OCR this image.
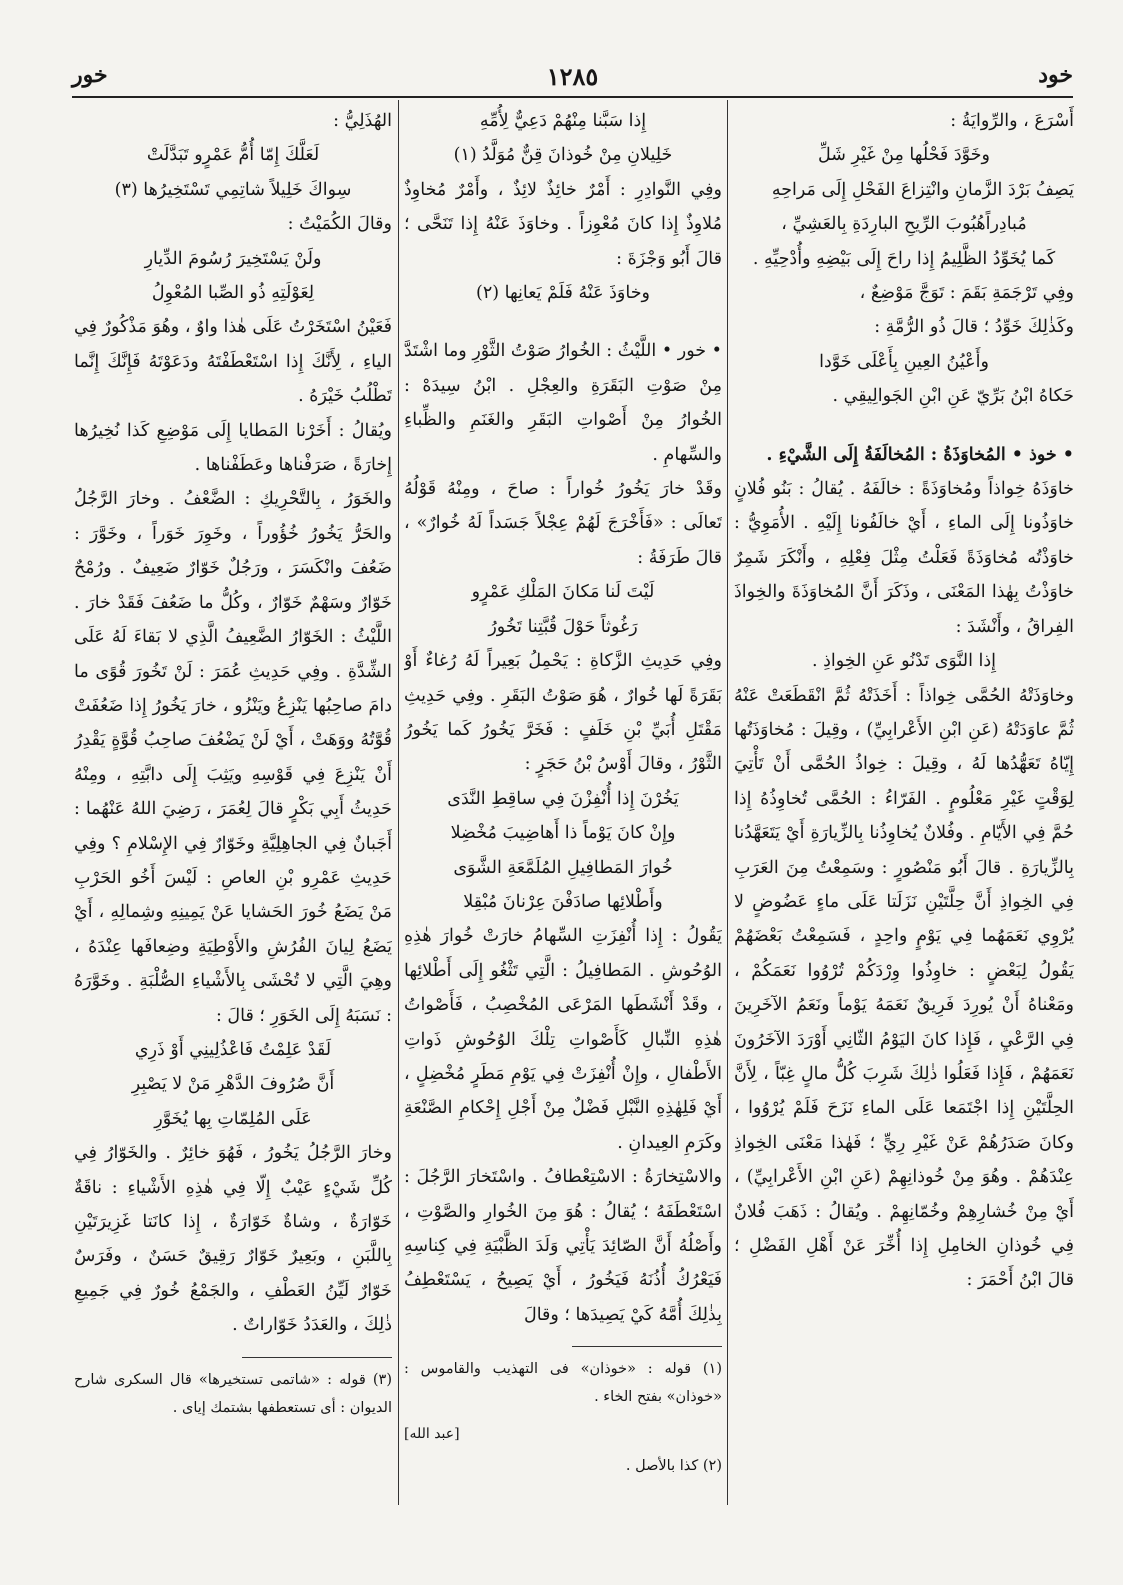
خود
١٢٨٥
خور

أَسْرَعَ ، والرِّوايَةُ :

وخَوَّدَ فَحْلُها مِنْ غَيْرِ شَلِّ

يَصِفُ بَرْدَ الزَّمانِ وانْتِزاعَ الفَحْلِ إِلَى مَراحِهِ

مُبادِراًهُبُوبَ الرِّيحِ البارِدَةِ بِالعَشِيِّ ،

كَما يُخَوِّدُ الظَّلِيمُ إِذا راحَ إِلَى بَيْضِهِ وأُدْحِيِّهِ .

وفِي تَرْجَمَةِ بَقَمَ : تَوَجَّ مَوْضِعٌ ،

وكَذٰلِكَ خَوِّدُ ؛ قالَ ذُو الرُّمَّةِ :

وأَعْيُنُ العِينِ بِأَعْلَى خَوَّدا

حَكاهُ ابْنُ بَرِّيّ عَنِ ابْنِ الجَوالِيقِي .

• خوذ • المُخاوَذَةُ : المُخالَفَةُ إِلَى الشَّيْءِ .

خاوَذَهُ خِواذاً ومُخاوَذَةً : خالَفَهُ . يُقالُ : بَنُو فُلانٍ خاوَذُونا إِلَى الماءِ ، أَيْ خالَفُونا إِلَيْهِ . الأُمَوِيُّ : خاوَذْتُه مُخاوَذَةً فَعَلْتُ مِثْلَ فِعْلِهِ ، وأَنْكَرَ شَمِرٌ خاوَذْتُ بِهٰذا المَعْنَى ، وذَكَرَ أَنَّ المُخاوَذَةَ والخِواذَ الفِراقُ ، وأَنْشَدَ :

إِذا النَّوَى تَدْنُو عَنِ الخِواذِ .

وخاوَذَتْهُ الحُمَّى خِواذاً : أَخَذَتْهُ ثُمَّ انْقَطَعَتْ عَنْهُ ثُمَّ عاوَدَتْهُ (عَنِ ابْنِ الأَعْرابِيِّ) ، وقِيلَ : مُخاوَذَتُها إِيّاهُ تَعَهُّدُها لَهُ ، وقِيلَ : خِواذُ الحُمَّى أَنْ تَأْتِيَ لِوَقْتٍ غَيْرِ مَعْلُومٍ . الفَرّاءُ : الحُمَّى تُخاوِذُهُ إِذا حُمَّ فِي الأَيّامِ . وفُلانٌ يُخاوِذُنا بِالزِّيارَةِ أَيْ يَتَعَهَّدُنا بِالزِّيارَةِ . قالَ أَبُو مَنْصُورٍ : وسَمِعْتُ مِنَ العَرَبِ فِي الخِواذِ أَنَّ حِلَّتَيْنِ نَزَلَتا عَلَى ماءٍ عَضُوضٍ لا يُرْوِي نَعَمَهُما فِي يَوْمٍ واحِدٍ ، فَسَمِعْتُ بَعْضَهُمْ يَقُولُ لِبَعْضٍ : خاوِذُوا وِرْدَكُمْ تُرْوُوا نَعَمَكُمْ ، ومَعْناهُ أَنْ يُورِدَ فَرِيقٌ نَعَمَهُ يَوْماً ونَعَمُ الآخَرِينَ فِي الرَّعْيِ ، فَإِذا كانَ اليَوْمُ الثّانِي أَوْرَدَ الآخَرُونَ نَعَمَهُمْ ، فَإِذا فَعَلُوا ذٰلِكَ شَرِبَ كُلُّ مالٍ غِبّاً ، لِأَنَّ الحِلَّتَيْنِ إِذا اجْتَمَعا عَلَى الماءِ نَزَحَ فَلَمْ يُرْوُوا ، وكانَ صَدَرُهُمْ عَنْ غَيْرِ رِيٍّ ؛ فَهٰذا مَعْنَى الخِواذِ عِنْدَهُمْ . وهُوَ مِنْ خُوذانِهِمْ (عَنِ ابْنِ الأَعْرابِيِّ) ، أَيْ مِنْ خُشارِهِمْ وخُمّانِهِمْ . ويُقالُ : ذَهَبَ فُلانٌ فِي خُوذانِ الخامِلِ إِذا أُخِّرَ عَنْ أَهْلِ الفَضْلِ ؛ قالَ ابْنُ أَحْمَرَ :

إِذا سَبَّنا مِنْهُمْ دَعِيٌّ لِأُمِّهِ

خَلِيلانِ مِنْ خُوذانَ قِنٌّ مُوَلَّدُ (١)

وفِي النَّوادِرِ : أَمْرٌ خائِذٌ لائِذٌ ، وأَمْرٌ مُخاوِذٌ مُلاوِذٌ إِذا كانَ مُعْوِزاً . وخاوَذَ عَنْهُ إِذا تَنَحَّى ؛ قالَ أَبُو وَجْزَةَ :

وخاوَذَ عَنْهُ فَلَمْ يَعانِها (٢)

• خور • اللَّيْثُ : الخُوارُ صَوْتُ الثَّوْرِ وما اشْتَدَّ مِنْ صَوْتِ البَقَرَةِ والعِجْلِ . ابْنُ سِيدَهْ : الخُوارُ مِنْ أَصْواتِ البَقَرِ والغَنَمِ والظِّباءِ والسِّهامِ .

وقَدْ خارَ يَخُورُ خُواراً : صاحَ ، ومِنْهُ قَوْلُهُ تَعالَى : «فَأَخْرَجَ لَهُمْ عِجْلاً جَسَداً لَهُ خُوارٌ» ، قالَ طَرَفَةُ :

لَيْتَ لَنا مَكانَ المَلْكِ عَمْرٍو

رَغُوثاً حَوْلَ قُبَّتِنا تَخُورُ

وفِي حَدِيثِ الزَّكاةِ : يَحْمِلُ بَعِيراً لَهُ رُغاءٌ أَوْ بَقَرَةً لَها خُوارٌ ، هُوَ صَوْتُ البَقَرِ . وفِي حَدِيثِ مَقْتَلِ أُبَيِّ بْنِ خَلَفٍ : فَخَرَّ يَخُورُ كَما يَخُورُ الثَّوْرُ ، وقالَ أَوْسُ بْنُ حَجَرٍ :

يَخُرْنَ إِذا أُنْفِزْنَ فِي ساقِطِ النَّدَى

وإِنْ كانَ يَوْماً ذا أَهاضِيبَ مُخْضِلا

خُوارَ المَطافِيلِ المُلَمَّعَةِ الشَّوَى

وأَطْلائِها صادَفْنَ عِرْنانَ مُبْقِلا

يَقُولُ : إِذا أُنْفِزَتِ السِّهامُ خارَتْ خُوارَ هٰذِهِ الوُحُوشِ . المَطافِيلُ : الَّتِي تَثْغُو إِلَى أَطْلائِها ، وقَدْ أَنْشَطَها المَرْعَى المُخْصِبُ ، فَأَصْواتُ هٰذِهِ النِّبالِ كَأَصْواتِ تِلْكَ الوُحُوشِ ذَواتِ الأَطْفالِ ، وإِنْ أُنْفِزَتْ فِي يَوْمِ مَطَرٍ مُخْضِلٍ ، أَيْ فَلِهٰذِهِ النَّبْلِ فَضْلٌ مِنْ أَجْلِ إِحْكامِ الصَّنْعَةِ وكَرَمِ العِيدانِ .

والاسْتِخارَةُ : الاسْتِعْطافُ . واسْتَخارَ الرَّجُلَ : اسْتَعْطَفَهُ ؛ يُقالُ : هُوَ مِنَ الخُوارِ والصَّوْتِ ، وأَصْلُهُ أَنَّ الصّائِدَ يَأْتِي وَلَدَ الظَّبْيَةِ فِي كِناسِهِ فَيَعْرُكُ أُذُنَهُ فَيَخُورُ ، أَيْ يَصِيحُ ، يَسْتَعْطِفُ بِذٰلِكَ أُمَّهُ كَيْ يَصِيدَها ؛ وقالَ

(١) قوله : «خوذان» فى التهذيب والقاموس : «خوذان» بفتح الخاء .

[عبد الله]

(٢) كذا بالأصل .

الهُذَلِيُّ :

لَعَلَّكَ إِمّا أُمُّ عَمْرٍو تَبَدَّلَتْ

سِواكَ خَلِيلاً شاتِمِي تَسْتَخِيرُها (٣)

وقالَ الكُمَيْتُ :

ولَنْ يَسْتَخِيرَ رُسُومَ الدِّيارِ

لِعَوْلَتِهِ ذُو الصِّبا المُعْوِلُ

فَعَيْنُ اسْتَخَرْتُ عَلَى هٰذا واوٌ ، وهُوَ مَذْكُورٌ فِي الياءِ ، لِأَنَّكَ إِذا اسْتَعْطَفْتَهُ ودَعَوْتَهُ فَإِنَّكَ إِنَّما تَطْلُبُ خَيْرَهُ .

ويُقالُ : أَخَرْنا المَطايا إِلَى مَوْضِعِ كَذا نُخِيرُها إِخارَةً ، صَرَفْناها وعَطَفْناها .

والخَوَرُ ، بِالتَّحْرِيكِ : الضَّعْفُ . وخارَ الرَّجُلُ والحَرُّ يَخُورُ خُؤُوراً ، وخَوِرَ خَوَراً ، وخَوَّرَ : ضَعُفَ وانْكَسَرَ ، ورَجُلٌ خَوّارٌ ضَعِيفٌ . ورُمْحٌ خَوّارٌ وسَهْمٌ خَوّارٌ ، وكُلُّ ما ضَعُفَ فَقَدْ خارَ . اللَّيْثُ : الخَوّارُ الضَّعِيفُ الَّذِي لا بَقاءَ لَهُ عَلَى الشِّدَّةِ . وفِي حَدِيثِ عُمَرَ : لَنْ تَخُورَ قُوًى ما دامَ صاحِبُها يَنْزِعُ ويَنْزُو ، خارَ يَخُورُ إِذا ضَعُفَتْ قُوَّتُهُ ووَهَتْ ، أَيْ لَنْ يَضْعُفَ صاحِبُ قُوَّةٍ يَقْدِرُ أَنْ يَنْزِعَ فِي قَوْسِهِ ويَثِبَ إِلَى دابَّتِهِ ، ومِنْهُ حَدِيثُ أَبِي بَكْرٍ قالَ لِعُمَرَ ، رَضِيَ اللهُ عَنْهُما : أَجَبانٌ فِي الجاهِلِيَّةِ وخَوّارٌ فِي الإِسْلامِ ؟ وفِي حَدِيثِ عَمْرِو بْنِ العاصِ : لَيْسَ أَخُو الحَرْبِ مَنْ يَضَعُ خُورَ الحَشايا عَنْ يَمِينِهِ وشِمالِهِ ، أَيْ يَضَعُ لِيانَ الفُرُشِ والأَوْطِيَةِ وضِعافَها عِنْدَهُ ، وهِيَ الَّتِي لا تُحْشَى بِالأَشْياءِ الصُّلْبَةِ . وخَوَّرَهُ : نَسَبَهُ إِلَى الخَوَرِ ؛ قالَ :

لَقَدْ عَلِمْتُ فَاعْذُلِينِي أَوْ ذَرِي

أَنَّ صُرُوفَ الدَّهْرِ مَنْ لا يَصْبِرِ

عَلَى المُلِمّاتِ بِها يُخَوَّرِ

وخارَ الرَّجُلُ يَخُورُ ، فَهُوَ خائِرٌ . والخَوّارُ فِي كُلِّ شَيْءٍ عَيْبٌ إِلّا فِي هٰذِهِ الأَشْياءِ : ناقَةٌ خَوّارَةٌ ، وشاةٌ خَوّارَةٌ ، إِذا كانَتا غَزِيرَتَيْنِ بِاللَّبَنِ ، وبَعِيرٌ خَوّارٌ رَقِيقٌ حَسَنٌ ، وفَرَسٌ خَوّارٌ لَيِّنُ العَطْفِ ، والجَمْعُ خُورٌ فِي جَمِيعِ ذٰلِكَ ، والعَدَدُ خَوّاراتٌ .

(٣) قوله : «شاتمى تستخيرها» قال السكرى شارح الديوان : أى تستعطفها بشتمك إياى .
